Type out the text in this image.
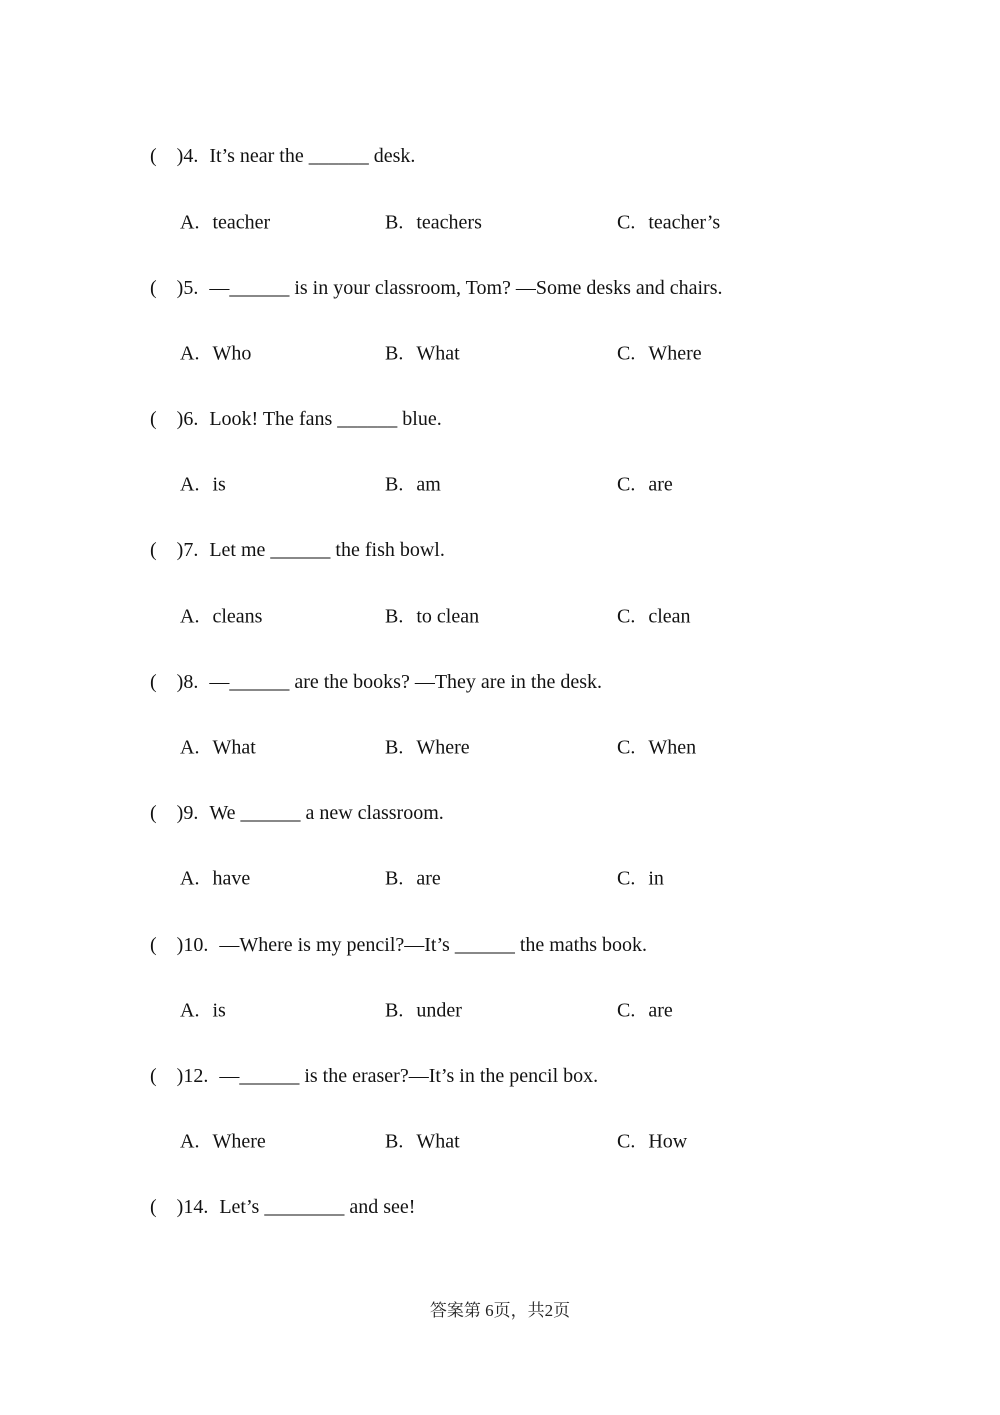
(    )4. It’s near the ______ desk.
A. teacher	B. teachers	C. teacher’s
(    )5. —______ is in your classroom, Tom? —Some desks and chairs.
A. Who	B. What	C. Where
(    )6. Look! The fans ______ blue.
A. is	B. am	C. are
(    )7. Let me ______ the fish bowl.
A. cleans	B. to clean	C. clean
(    )8. —______ are the books? —They are in the desk.
A. What	B. Where	C. When
(    )9. We ______ a new classroom.
A. have	B. are	C. in
(    )10. —Where is my pencil?—It’s ______ the maths book.
A. is	B. under	C. are
(    )12. —______ is the eraser?—It’s in the pencil box.
A. Where	B. What	C. How
(    )14. Let’s ________ and see!
答案第 6页，共2页
